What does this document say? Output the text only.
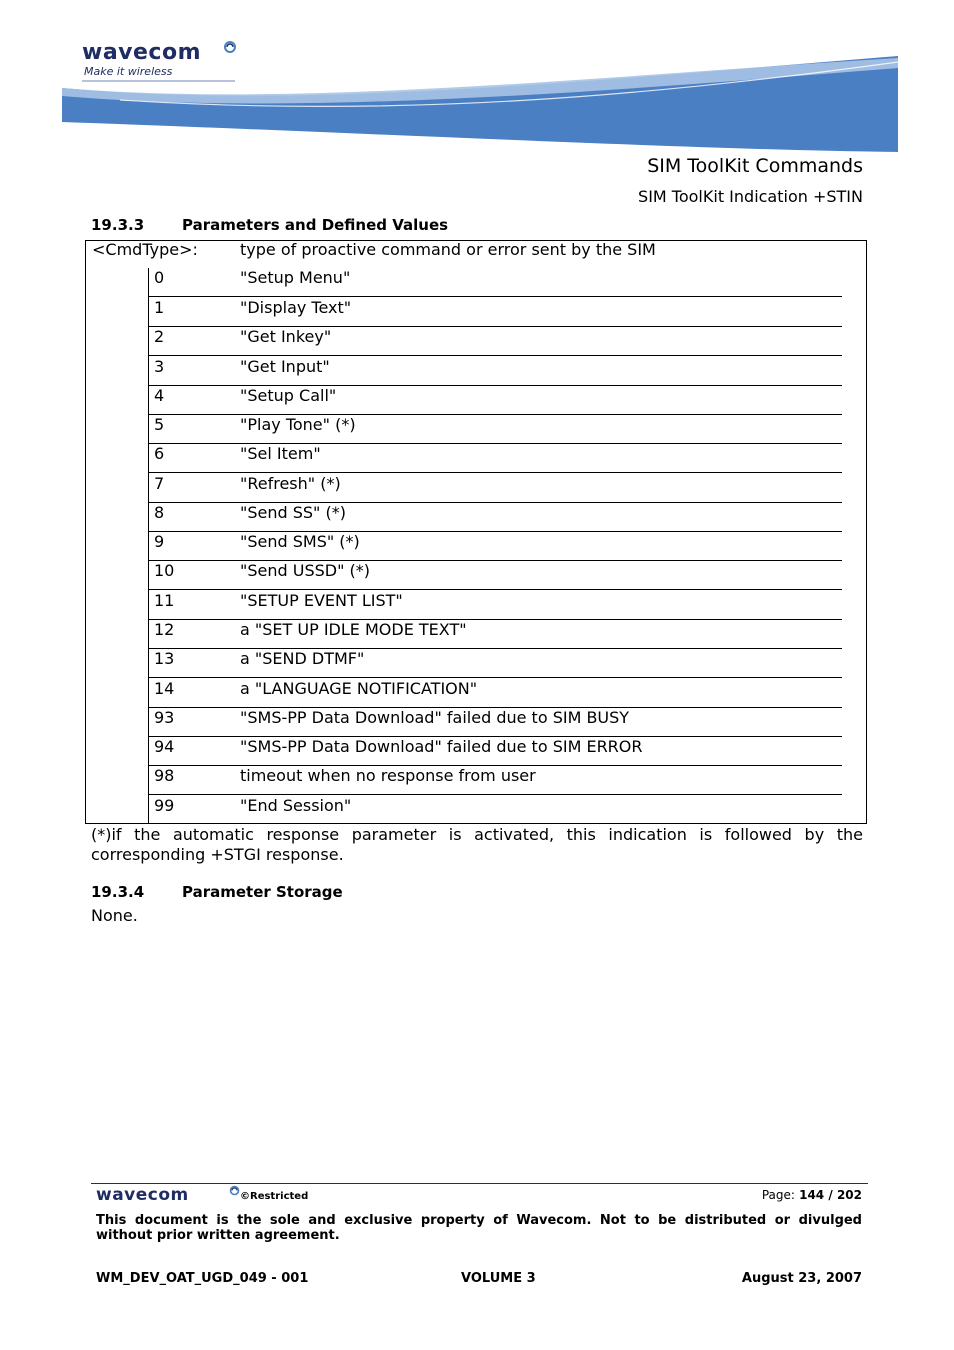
wavecom
Make it wireless
SIM ToolKit Commands
SIM ToolKit Indication +STIN
19.3.3	Parameters and Defined Values
<CmdType>:	type of proactive command or error sent by the SIM
0	"Setup Menu"
1	"Display Text"
2	"Get Inkey"
3	"Get Input"
4	"Setup Call"
5	"Play Tone" (*)
6	"Sel Item"
7	"Refresh" (*)
8	"Send SS" (*)
9	"Send SMS" (*)
10	"Send USSD" (*)
11	"SETUP EVENT LIST"
12	a "SET UP IDLE MODE TEXT"
13	a "SEND DTMF"
14	a "LANGUAGE NOTIFICATION"
93	"SMS-PP Data Download" failed due to SIM BUSY
94	"SMS-PP Data Download" failed due to SIM ERROR
98	timeout when no response from user
99	"End Session"
(*)if the automatic response parameter is activated, this indication is followed by the corresponding +STGI response.
19.3.4	Parameter Storage
None.
wavecom	©Restricted	Page: 144 / 202
This document is the sole and exclusive property of Wavecom. Not to be distributed or divulged without prior written agreement.
WM_DEV_OAT_UGD_049 - 001	VOLUME 3	August 23, 2007
